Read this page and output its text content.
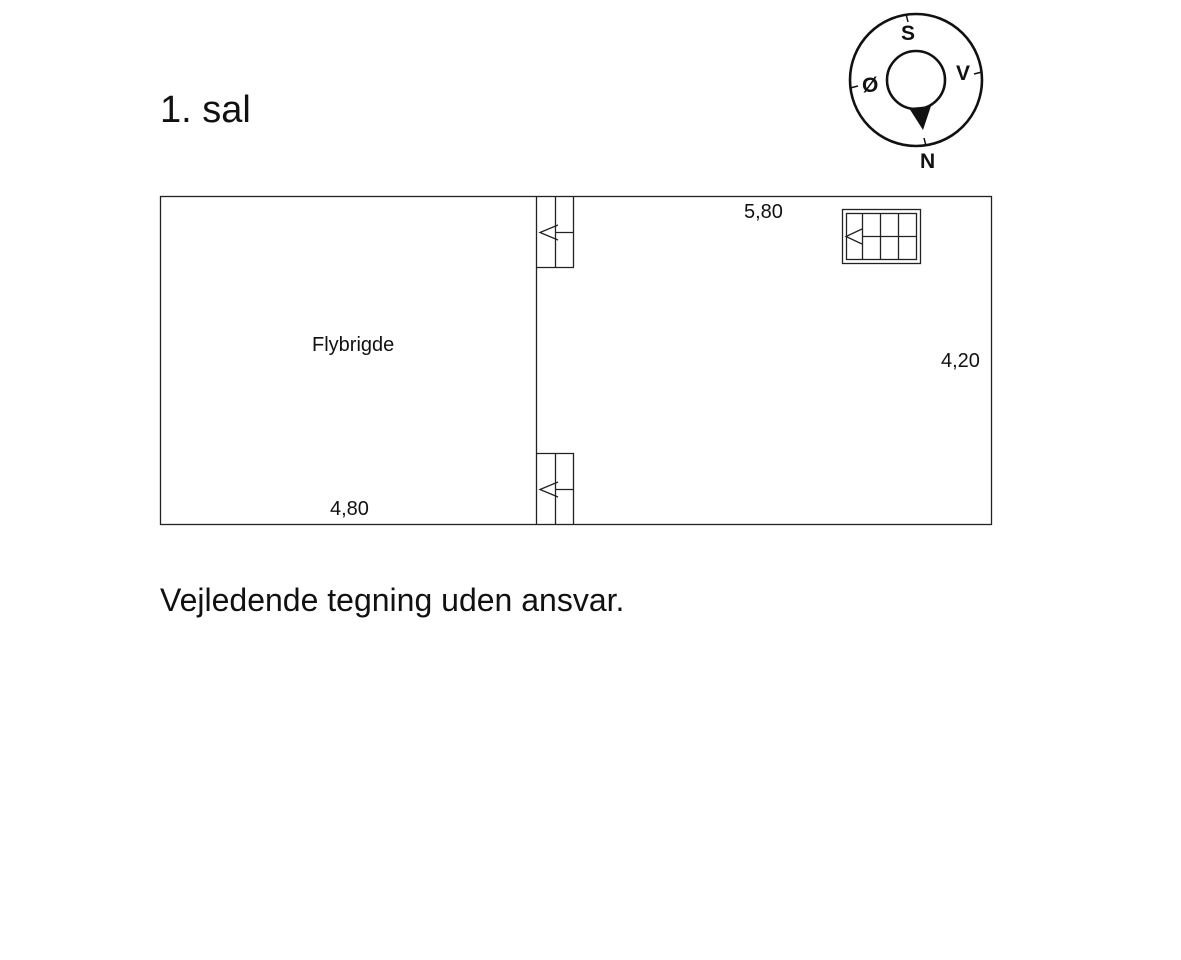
1. sal
S
V
Ø
N
Flybrigde
5,80
4,20
4,80

Vejledende tegning uden ansvar.
